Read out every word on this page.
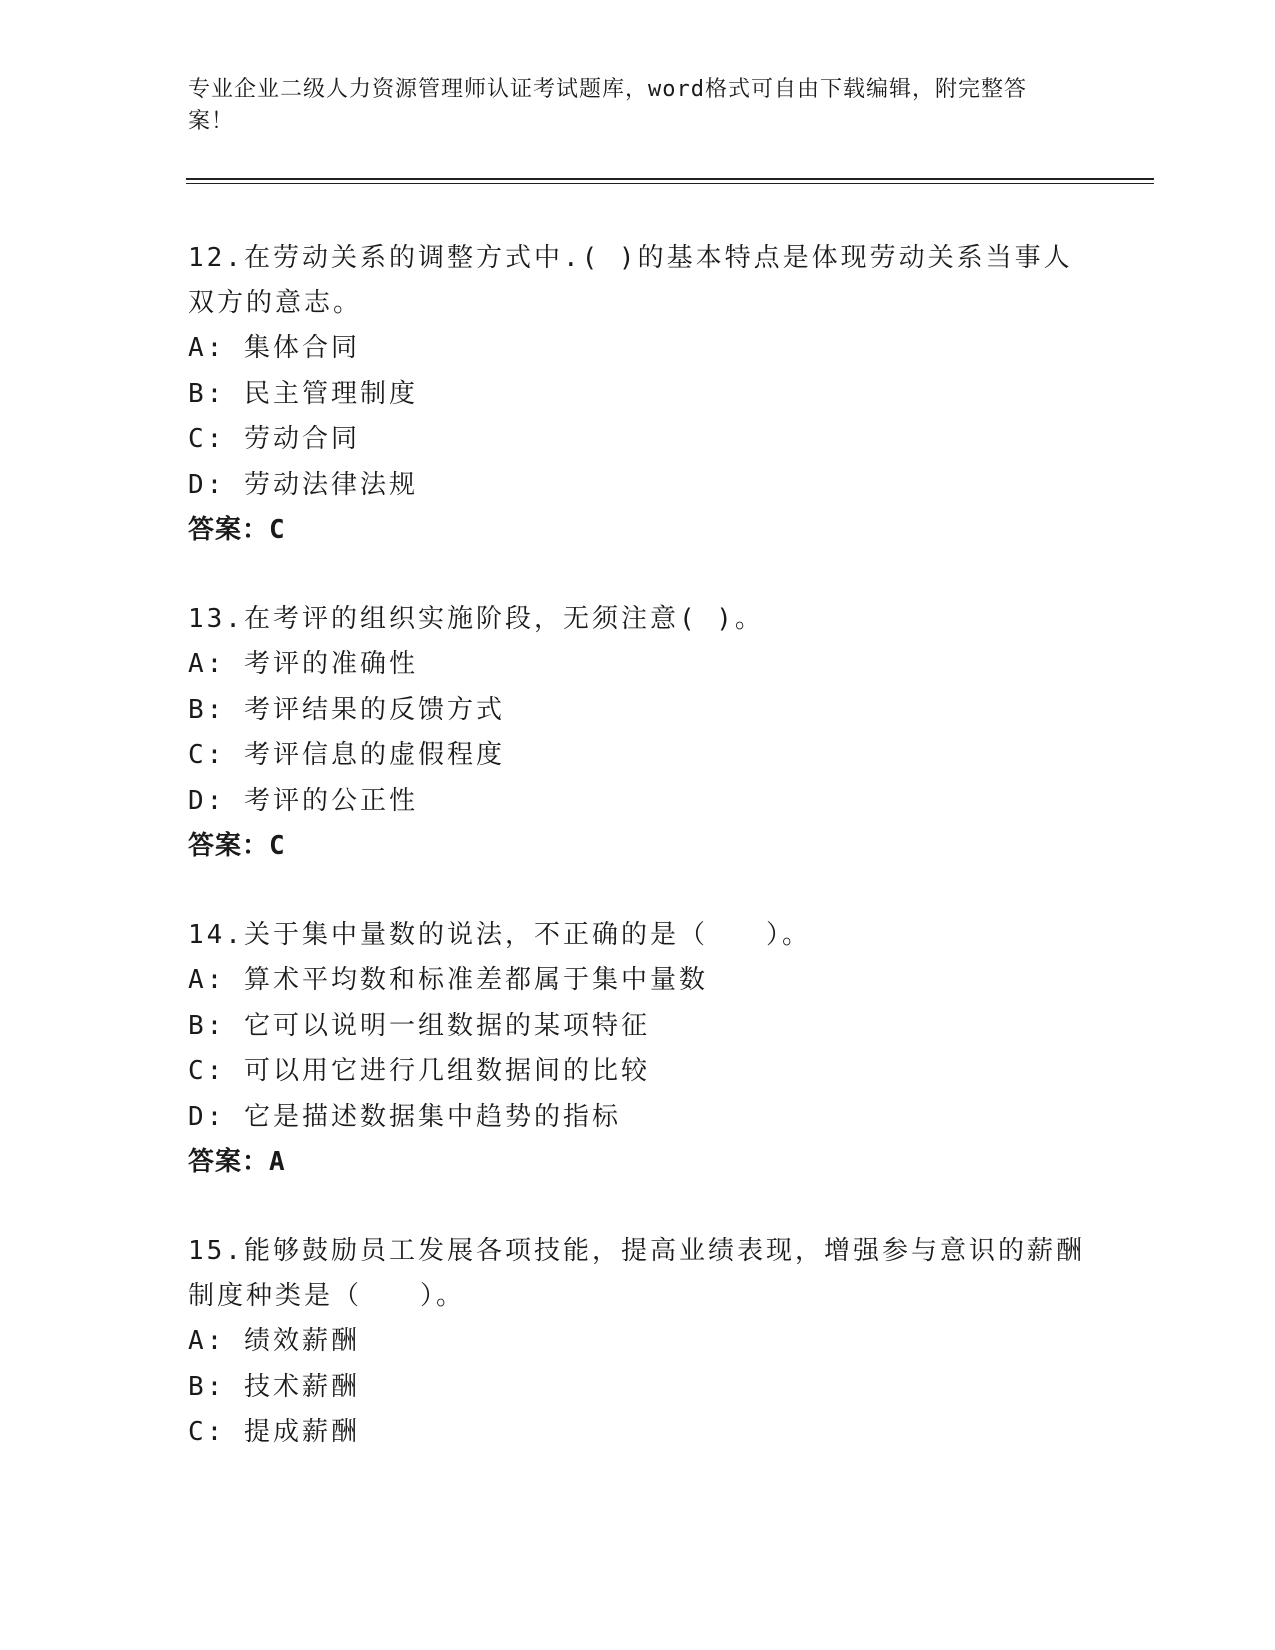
专业企业二级人力资源管理师认证考试题库，word格式可自由下载编辑，附完整答案！
12.在劳动关系的调整方式中.( )的基本特点是体现劳动关系当事人双方的意志。
A: 集体合同
B: 民主管理制度
C: 劳动合同
D: 劳动法律法规
答案：C
13.在考评的组织实施阶段，无须注意( )。
A: 考评的准确性
B: 考评结果的反馈方式
C: 考评信息的虚假程度
D: 考评的公正性
答案：C
14.关于集中量数的说法，不正确的是（　　）。
A: 算术平均数和标准差都属于集中量数
B: 它可以说明一组数据的某项特征
C: 可以用它进行几组数据间的比较
D: 它是描述数据集中趋势的指标
答案：A
15.能够鼓励员工发展各项技能，提高业绩表现，增强参与意识的薪酬制度种类是（　　）。
A: 绩效薪酬
B: 技术薪酬
C: 提成薪酬
